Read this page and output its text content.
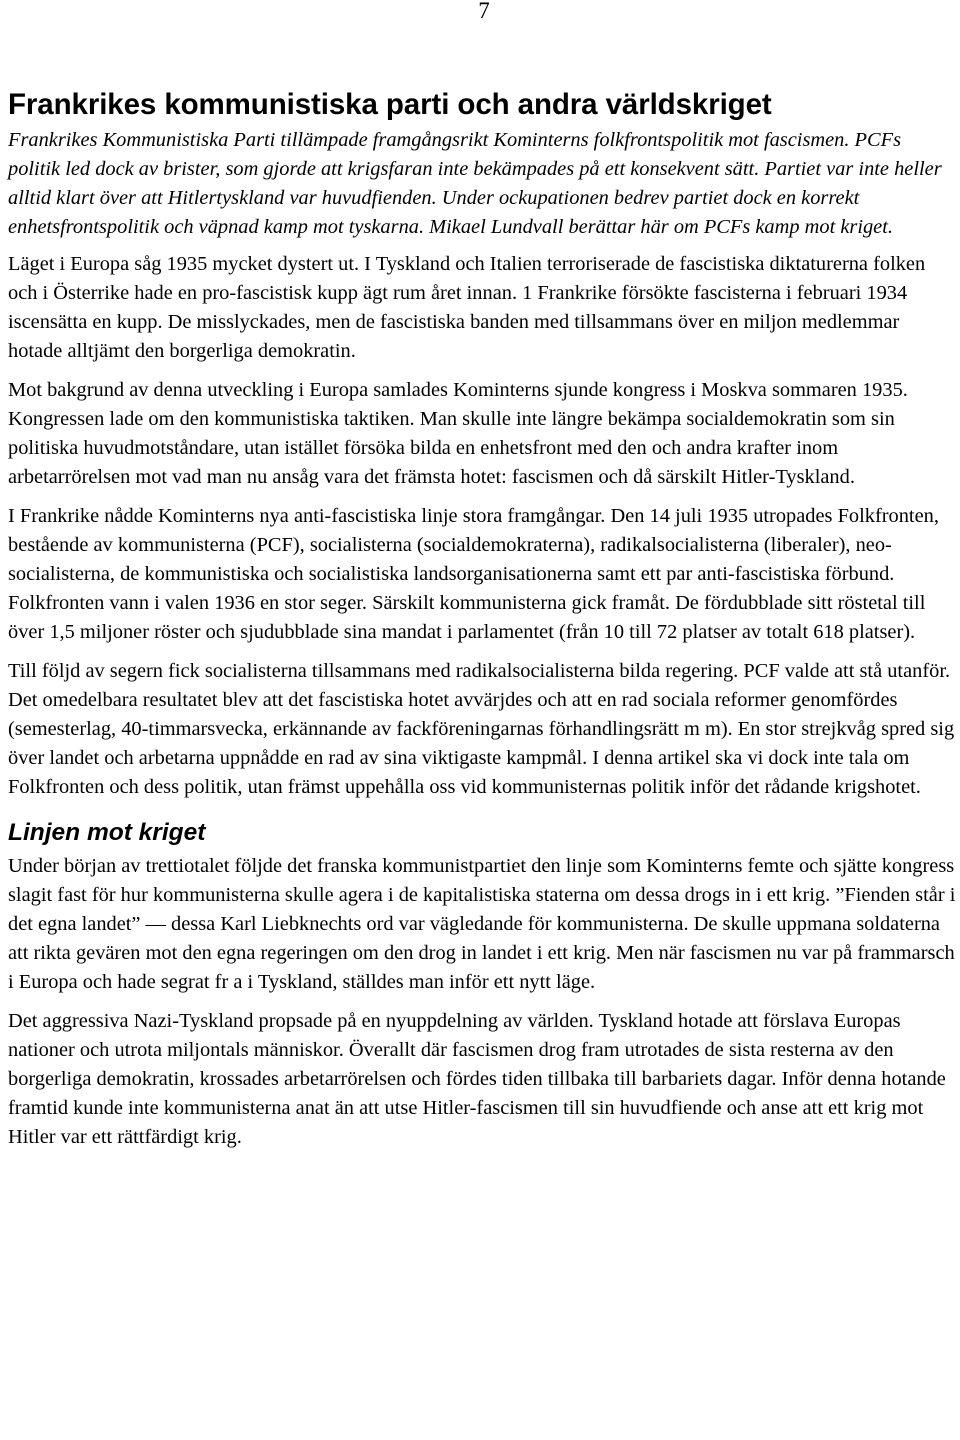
7
Frankrikes kommunistiska parti och andra världskriget

Frankrikes Kommunistiska Parti tillämpade framgångsrikt Kominterns folkfrontspolitik mot fascismen. PCFs politik led dock av brister, som gjorde att krigsfaran inte bekämpades på ett konsekvent sätt. Partiet var inte heller alltid klart över att Hitlertyskland var huvudfienden. Under ockupationen bedrev partiet dock en korrekt enhetsfrontspolitik och väpnad kamp mot tyskarna. Mikael Lundvall berättar här om PCFs kamp mot kriget.

Läget i Europa såg 1935 mycket dystert ut. I Tyskland och Italien terroriserade de fascistiska diktaturerna folken och i Österrike hade en pro-fascistisk kupp ägt rum året innan. 1 Frankrike försökte fascisterna i februari 1934 iscensätta en kupp. De misslyckades, men de fascistiska banden med tillsammans över en miljon medlemmar hotade alltjämt den borgerliga demokratin.

Mot bakgrund av denna utveckling i Europa samlades Kominterns sjunde kongress i Moskva sommaren 1935. Kongressen lade om den kommunistiska taktiken. Man skulle inte längre bekämpa socialdemokratin som sin politiska huvudmotståndare, utan istället försöka bilda en enhetsfront med den och andra krafter inom arbetarrörelsen mot vad man nu ansåg vara det främsta hotet: fascismen och då särskilt Hitler-Tyskland.

I Frankrike nådde Kominterns nya anti-fascistiska linje stora framgångar. Den 14 juli 1935 utropades Folkfronten, bestående av kommunisterna (PCF), socialisterna (socialdemokraterna), radikalsocialisterna (liberaler), neo-socialisterna, de kommunistiska och socialistiska landsorganisationerna samt ett par anti-fascistiska förbund. Folkfronten vann i valen 1936 en stor seger. Särskilt kommunisterna gick framåt. De fördubblade sitt röstetal till över 1,5 miljoner röster och sjudubblade sina mandat i parlamentet (från 10 till 72 platser av totalt 618 platser).

Till följd av segern fick socialisterna tillsammans med radikalsocialisterna bilda regering. PCF valde att stå utanför. Det omedelbara resultatet blev att det fascistiska hotet avvärjdes och att en rad sociala reformer genomfördes (semesterlag, 40-timmarsvecka, erkännande av fackföreningarnas förhandlingsrätt m m). En stor strejkvåg spred sig över landet och arbetarna uppnådde en rad av sina viktigaste kampmål. I denna artikel ska vi dock inte tala om Folkfronten och dess politik, utan främst uppehålla oss vid kommunisternas politik inför det rådande krigshotet.

Linjen mot kriget

Under början av trettiotalet följde det franska kommunistpartiet den linje som Kominterns femte och sjätte kongress slagit fast för hur kommunisterna skulle agera i de kapitalistiska staterna om dessa drogs in i ett krig. ”Fienden står i det egna landet” — dessa Karl Liebknechts ord var vägledande för kommunisterna. De skulle uppmana soldaterna att rikta gevären mot den egna regeringen om den drog in landet i ett krig. Men när fascismen nu var på frammarsch i Europa och hade segrat fr a i Tyskland, ställdes man inför ett nytt läge.

Det aggressiva Nazi-Tyskland propsade på en nyuppdelning av världen. Tyskland hotade att förslava Europas nationer och utrota miljontals människor. Överallt där fascismen drog fram utrotades de sista resterna av den borgerliga demokratin, krossades arbetarrörelsen och fördes tiden tillbaka till barbariets dagar. Inför denna hotande framtid kunde inte kommunisterna anat än att utse Hitler-fascismen till sin huvudfiende och anse att ett krig mot Hitler var ett rättfärdigt krig.
